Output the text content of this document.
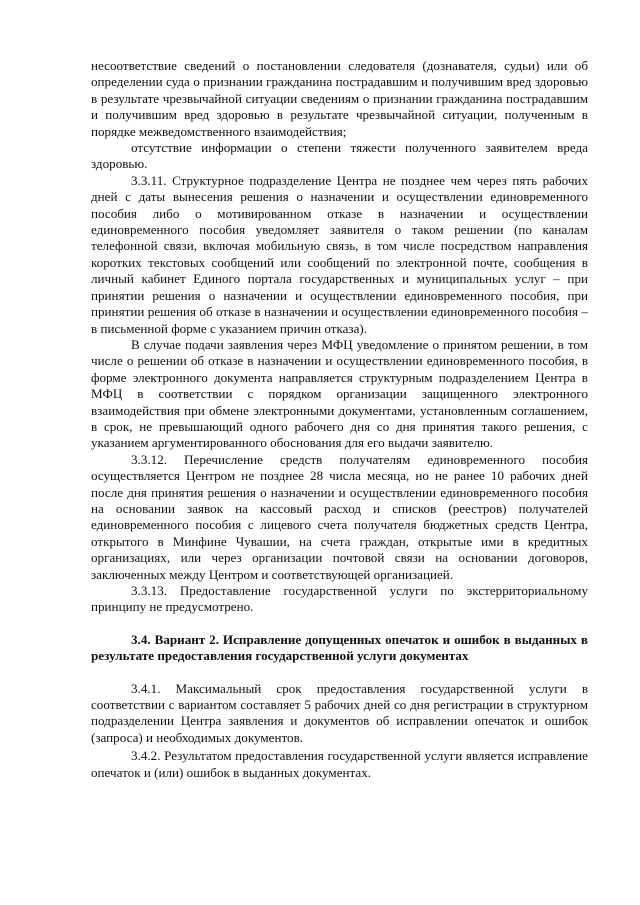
несоответствие сведений о постановлении следователя (дознавателя, судьи) или об определении суда о признании гражданина пострадавшим и получившим вред здоровью в результате чрезвычайной ситуации сведениям о признании гражданина пострадавшим и получившим вред здоровью в результате чрезвычайной ситуации, полученным в порядке межведомственного взаимодействия;

отсутствие информации о степени тяжести полученного заявителем вреда здоровью.

3.3.11. Структурное подразделение Центра не позднее чем через пять рабочих дней с даты вынесения решения о назначении и осуществлении единовременного пособия либо о мотивированном отказе в назначении и осуществлении единовременного пособия уведомляет заявителя о таком решении (по каналам телефонной связи, включая мобильную связь, в том числе посредством направления коротких текстовых сообщений или сообщений по электронной почте, сообщения в личный кабинет Единого портала государственных и муниципальных услуг – при принятии решения о назначении и осуществлении единовременного пособия, при принятии решения об отказе в назначении и осуществлении единовременного пособия – в письменной форме с указанием причин отказа).

В случае подачи заявления через МФЦ уведомление о принятом решении, в том числе о решении об отказе в назначении и осуществлении единовременного пособия, в форме электронного документа направляется структурным подразделением Центра в МФЦ в соответствии с порядком организации защищенного электронного взаимодействия при обмене электронными документами, установленным соглашением, в срок, не превышающий одного рабочего дня со дня принятия такого решения, с указанием аргументированного обоснования для его выдачи заявителю.

3.3.12. Перечисление средств получателям единовременного пособия осуществляется Центром не позднее 28 числа месяца, но не ранее 10 рабочих дней после дня принятия решения о назначении и осуществлении единовременного пособия на основании заявок на кассовый расход и списков (реестров) получателей единовременного пособия с лицевого счета получателя бюджетных средств Центра, открытого в Минфине Чувашии, на счета граждан, открытые ими в кредитных организациях, или через организации почтовой связи на основании договоров, заключенных между Центром и соответствующей организацией.

3.3.13. Предоставление государственной услуги по экстерриториальному принципу не предусмотрено.

3.4. Вариант 2. Исправление допущенных опечаток и ошибок в выданных в результате предоставления государственной услуги документах

3.4.1. Максимальный срок предоставления государственной услуги в соответствии с вариантом составляет 5 рабочих дней со дня регистрации в структурном подразделении Центра заявления и документов об исправлении опечаток и ошибок (запроса) и необходимых документов.

3.4.2. Результатом предоставления государственной услуги является исправление опечаток и (или) ошибок в выданных документах.
